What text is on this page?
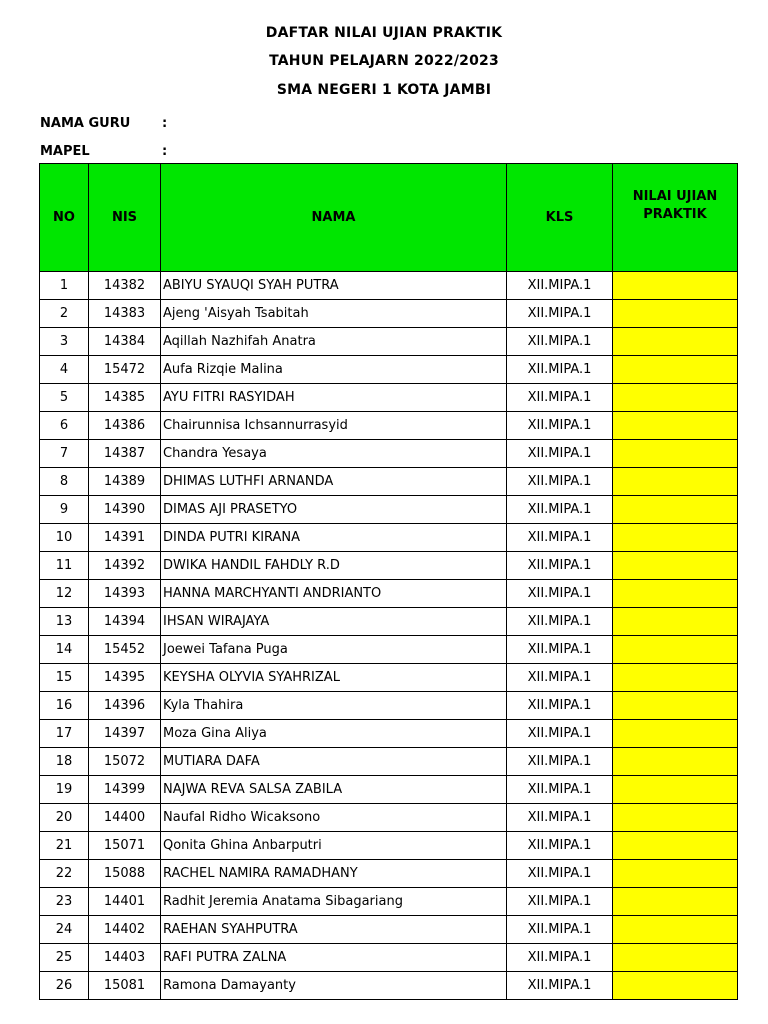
DAFTAR NILAI UJIAN PRAKTIK
TAHUN PELAJARN 2022/2023
SMA NEGERI 1 KOTA JAMBI
NAMA GURU :
MAPEL	:
NO	NIS	NAMA	KLS	NILAI UJIAN PRAKTIK
1	14382	ABIYU SYAUQI SYAH PUTRA	XII.MIPA.1	
2	14383	Ajeng 'Aisyah Tsabitah	XII.MIPA.1	
3	14384	Aqillah Nazhifah Anatra	XII.MIPA.1	
4	15472	Aufa Rizqie Malina	XII.MIPA.1	
5	14385	AYU FITRI RASYIDAH	XII.MIPA.1	
6	14386	Chairunnisa Ichsannurrasyid	XII.MIPA.1	
7	14387	Chandra Yesaya	XII.MIPA.1	
8	14389	DHIMAS LUTHFI ARNANDA	XII.MIPA.1	
9	14390	DIMAS AJI PRASETYO	XII.MIPA.1	
10	14391	DINDA PUTRI KIRANA	XII.MIPA.1	
11	14392	DWIKA HANDIL FAHDLY R.D	XII.MIPA.1	
12	14393	HANNA MARCHYANTI ANDRIANTO	XII.MIPA.1	
13	14394	IHSAN WIRAJAYA	XII.MIPA.1	
14	15452	Joewei Tafana Puga	XII.MIPA.1	
15	14395	KEYSHA OLYVIA SYAHRIZAL	XII.MIPA.1	
16	14396	Kyla Thahira	XII.MIPA.1	
17	14397	Moza Gina Aliya	XII.MIPA.1	
18	15072	MUTIARA DAFA	XII.MIPA.1	
19	14399	NAJWA REVA SALSA ZABILA	XII.MIPA.1	
20	14400	Naufal Ridho Wicaksono	XII.MIPA.1	
21	15071	Qonita Ghina Anbarputri	XII.MIPA.1	
22	15088	RACHEL NAMIRA RAMADHANY	XII.MIPA.1	
23	14401	Radhit Jeremia Anatama Sibagariang	XII.MIPA.1	
24	14402	RAEHAN SYAHPUTRA	XII.MIPA.1	
25	14403	RAFI PUTRA ZALNA	XII.MIPA.1	
26	15081	Ramona Damayanty	XII.MIPA.1	
